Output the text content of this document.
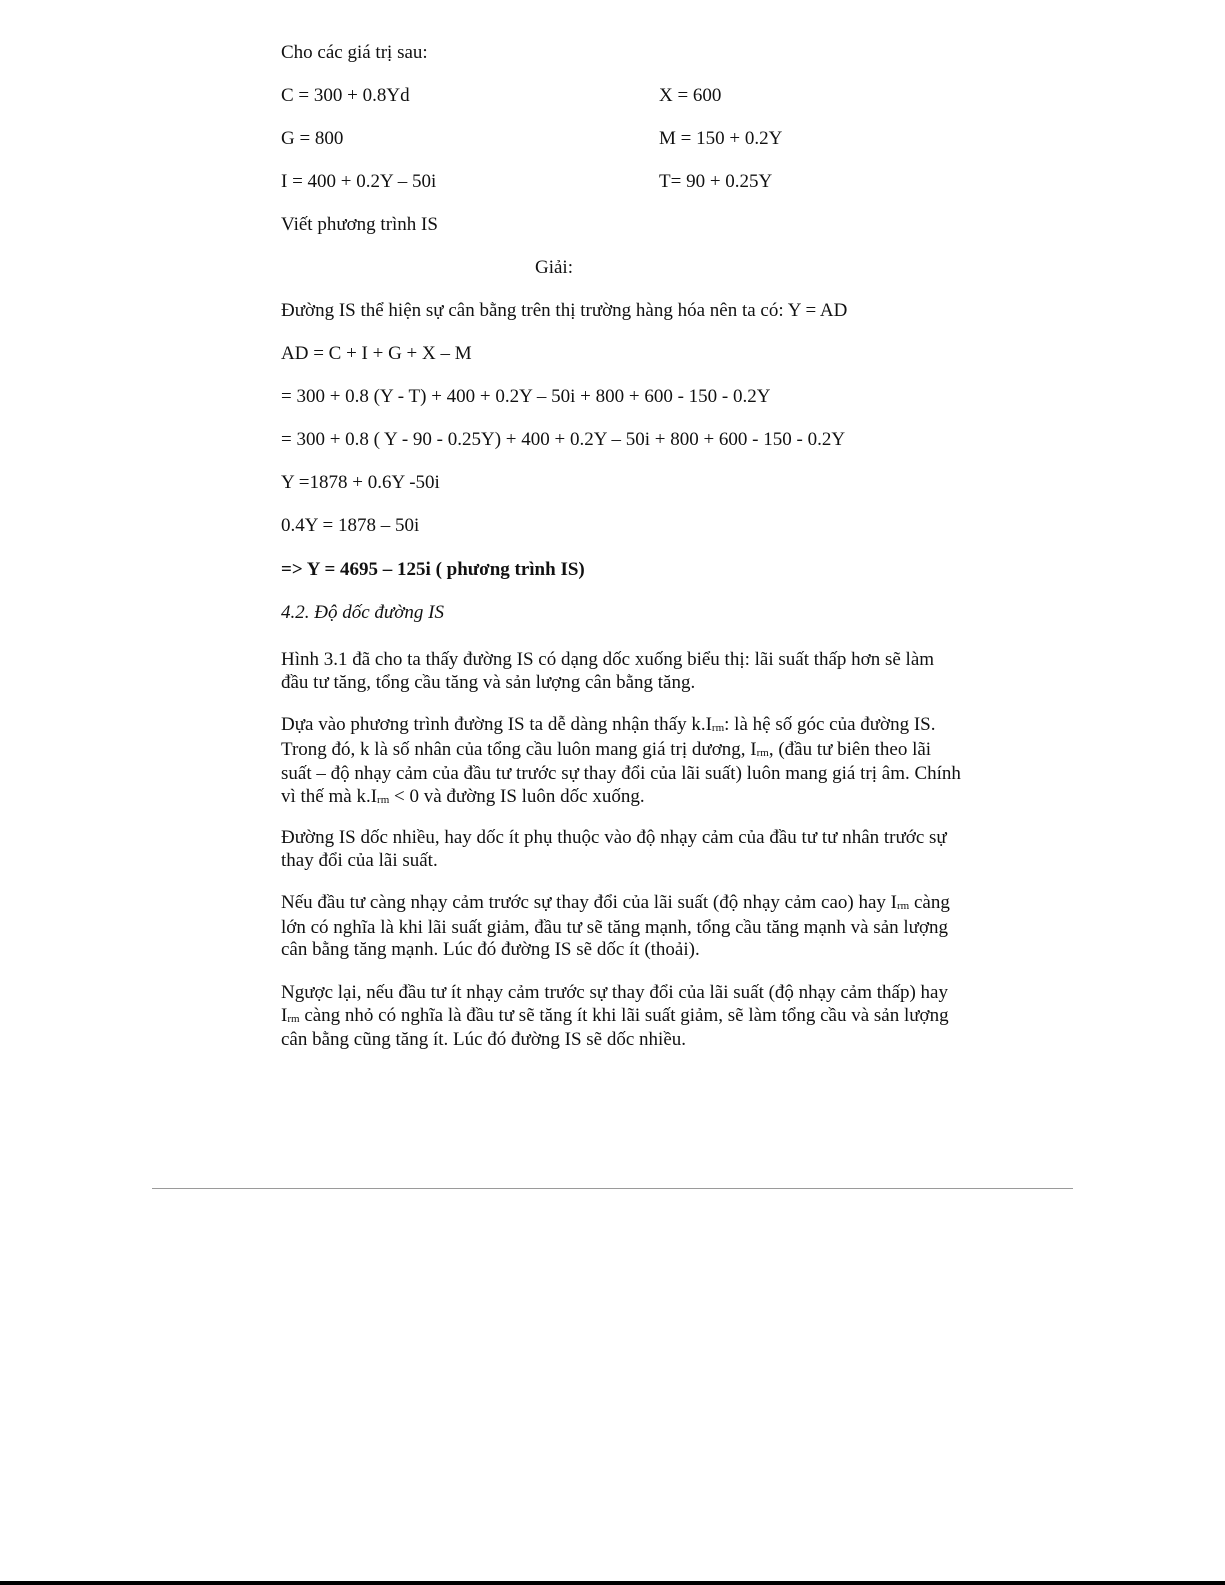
Cho các giá trị sau:
C = 300 + 0.8Yd	X = 600
G = 800	M = 150 + 0.2Y
I = 400 + 0.2Y – 50i	T= 90 + 0.25Y
Viết phương trình IS
Giải:
Đường IS thể hiện sự cân bằng trên thị trường hàng hóa nên ta có: Y = AD
AD = C + I + G + X – M
= 300 + 0.8 (Y - T) + 400 + 0.2Y – 50i + 800 + 600 - 150 - 0.2Y
= 300 + 0.8 ( Y - 90 - 0.25Y) + 400 + 0.2Y – 50i + 800 + 600 - 150 - 0.2Y
Y =1878 + 0.6Y -50i
0.4Y = 1878 – 50i
=> Y = 4695 – 125i ( phương trình IS)
4.2. Độ dốc đường IS

Hình 3.1 đã cho ta thấy đường IS có dạng dốc xuống biểu thị: lãi suất thấp hơn sẽ làm đầu tư tăng, tổng cầu tăng và sản lượng cân bằng tăng.

Dựa vào phương trình đường IS ta dễ dàng nhận thấy $k.I_{rm}$: là hệ số góc của đường IS. Trong đó, k là số nhân của tổng cầu luôn mang giá trị dương, $I_{rm}$, (đầu tư biên theo lãi suất – độ nhạy cảm của đầu tư trước sự thay đổi của lãi suất) luôn mang giá trị âm. Chính vì thế mà $k.I_{rm} < 0$ và đường IS luôn dốc xuống.

Đường IS dốc nhiều, hay dốc ít phụ thuộc vào độ nhạy cảm của đầu tư tư nhân trước sự thay đổi của lãi suất.

Nếu đầu tư càng nhạy cảm trước sự thay đổi của lãi suất (độ nhạy cảm cao) hay $I_{rm}$ càng lớn có nghĩa là khi lãi suất giảm, đầu tư sẽ tăng mạnh, tổng cầu tăng mạnh và sản lượng cân bằng tăng mạnh. Lúc đó đường IS sẽ dốc ít (thoải).

Ngược lại, nếu đầu tư ít nhạy cảm trước sự thay đổi của lãi suất (độ nhạy cảm thấp) hay $I_{rm}$ càng nhỏ có nghĩa là đầu tư sẽ tăng ít khi lãi suất giảm, sẽ làm tổng cầu và sản lượng cân bằng cũng tăng ít. Lúc đó đường IS sẽ dốc nhiều.
